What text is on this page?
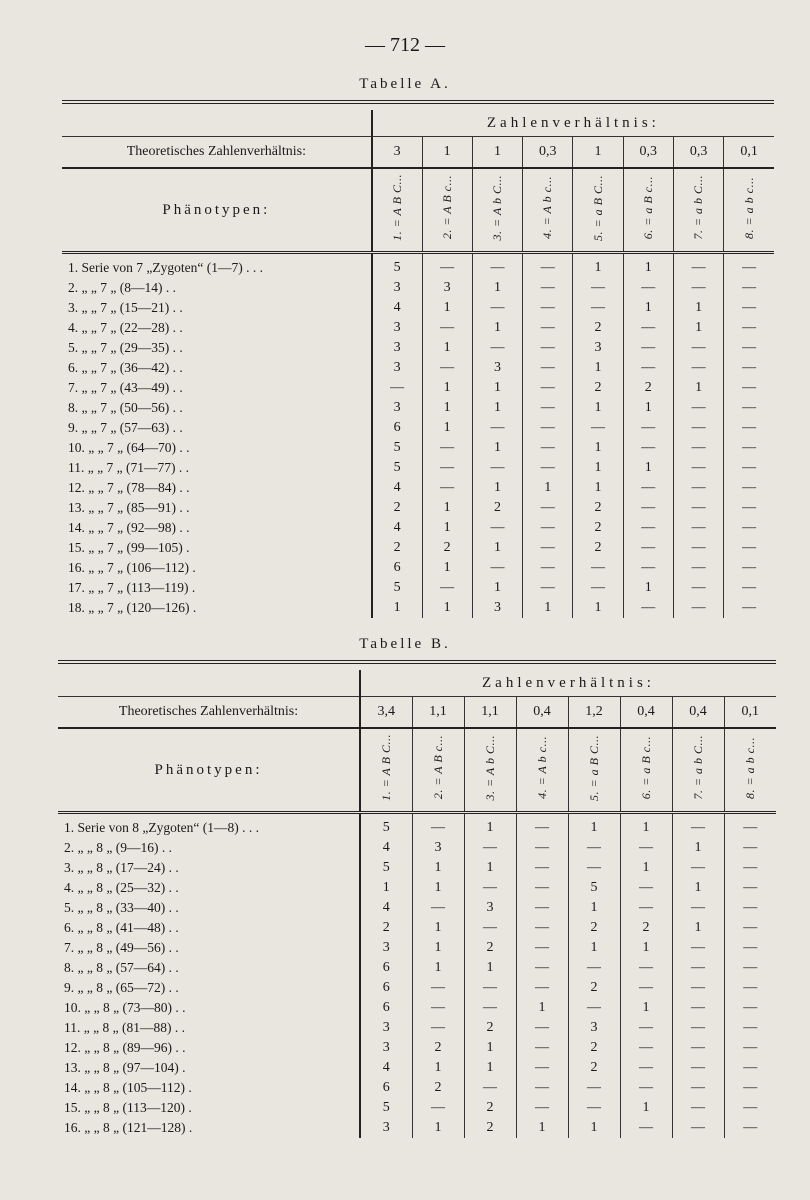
— 712 —
Tabelle A.

	Zahlenverhältnis:							
Theoretisches Zahlenverhältnis:	3	1	1	0,3	1	0,3	0,3	0,1
Phänotypen:	1. = A B C...	2. = A B c...	3. = A b C...	4. = A b c...	5. = a B C...	6. = a B c...	7. = a b C...	8. = a b c...

1. Serie von 7 „Zygoten“ (1—7) . . .	5	—	—	—	1	1	—	—
2. „ „ 7 „ (8—14) . .	3	3	1	—	—	—	—	—
3. „ „ 7 „ (15—21) . .	4	1	—	—	—	1	1	—
4. „ „ 7 „ (22—28) . .	3	—	1	—	2	—	1	—
5. „ „ 7 „ (29—35) . .	3	1	—	—	3	—	—	—
6. „ „ 7 „ (36—42) . .	3	—	3	—	1	—	—	—
7. „ „ 7 „ (43—49) . .	—	1	1	—	2	2	1	—
8. „ „ 7 „ (50—56) . .	3	1	1	—	1	1	—	—
9. „ „ 7 „ (57—63) . .	6	1	—	—	—	—	—	—
10. „ „ 7 „ (64—70) . .	5	—	1	—	1	—	—	—
11. „ „ 7 „ (71—77) . .	5	—	—	—	1	1	—	—
12. „ „ 7 „ (78—84) . .	4	—	1	1	1	—	—	—
13. „ „ 7 „ (85—91) . .	2	1	2	—	2	—	—	—
14. „ „ 7 „ (92—98) . .	4	1	—	—	2	—	—	—
15. „ „ 7 „ (99—105) .	2	2	1	—	2	—	—	—
16. „ „ 7 „ (106—112) .	6	1	—	—	—	—	—	—
17. „ „ 7 „ (113—119) .	5	—	1	—	—	1	—	—
18. „ „ 7 „ (120—126) .	1	1	3	1	1	—	—	—
Tabelle B.

	Zahlenverhältnis:							
Theoretisches Zahlenverhältnis:	3,4	1,1	1,1	0,4	1,2	0,4	0,4	0,1
Phänotypen:	1. = A B C...	2. = A B c...	3. = A b C...	4. = A b c...	5. = a B C...	6. = a B c...	7. = a b C...	8. = a b c...

1. Serie von 8 „Zygoten“ (1—8) . . .	5	—	1	—	1	1	—	—
2. „ „ 8 „ (9—16) . .	4	3	—	—	—	—	1	—
3. „ „ 8 „ (17—24) . .	5	1	1	—	—	1	—	—
4. „ „ 8 „ (25—32) . .	1	1	—	—	5	—	1	—
5. „ „ 8 „ (33—40) . .	4	—	3	—	1	—	—	—
6. „ „ 8 „ (41—48) . .	2	1	—	—	2	2	1	—
7. „ „ 8 „ (49—56) . .	3	1	2	—	1	1	—	—
8. „ „ 8 „ (57—64) . .	6	1	1	—	—	—	—	—
9. „ „ 8 „ (65—72) . .	6	—	—	—	2	—	—	—
10. „ „ 8 „ (73—80) . .	6	—	—	1	—	1	—	—
11. „ „ 8 „ (81—88) . .	3	—	2	—	3	—	—	—
12. „ „ 8 „ (89—96) . .	3	2	1	—	2	—	—	—
13. „ „ 8 „ (97—104) .	4	1	1	—	2	—	—	—
14. „ „ 8 „ (105—112) .	6	2	—	—	—	—	—	—
15. „ „ 8 „ (113—120) .	5	—	2	—	—	1	—	—
16. „ „ 8 „ (121—128) .	3	1	2	1	1	—	—	—
